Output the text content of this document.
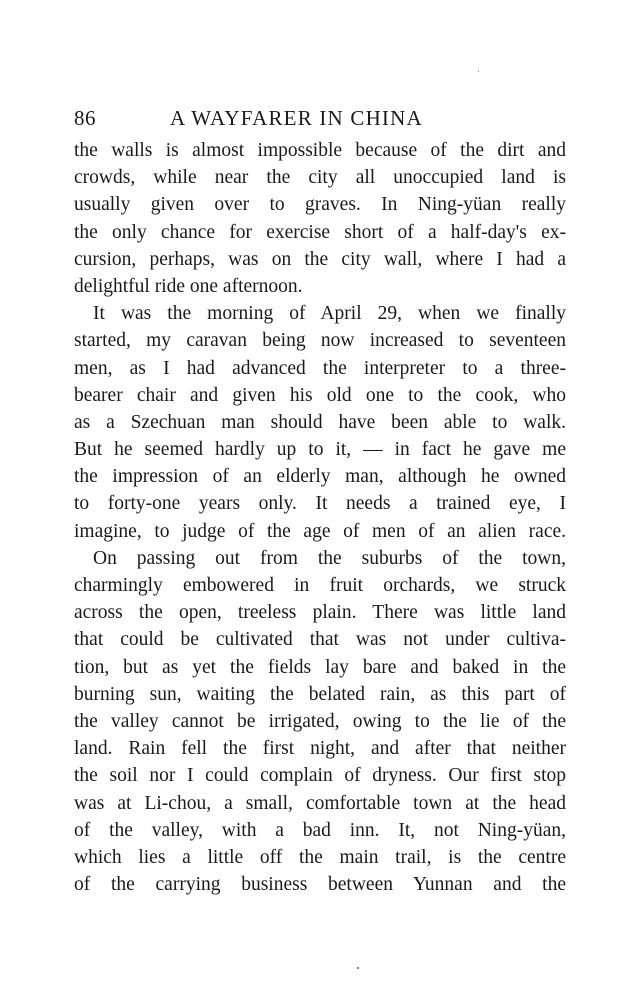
86	A WAYFARER IN CHINA
the walls is almost impossible because of the dirt and
crowds, while near the city all unoccupied land is
usually given over to graves. In Ning-yüan really
the only chance for exercise short of a half-day's ex-
cursion, perhaps, was on the city wall, where I had a
delightful ride one afternoon.
It was the morning of April 29, when we finally
started, my caravan being now increased to seventeen
men, as I had advanced the interpreter to a three-
bearer chair and given his old one to the cook, who
as a Szechuan man should have been able to walk.
But he seemed hardly up to it, — in fact he gave me
the impression of an elderly man, although he owned
to forty-one years only. It needs a trained eye, I
imagine, to judge of the age of men of an alien race.
On passing out from the suburbs of the town,
charmingly embowered in fruit orchards, we struck
across the open, treeless plain. There was little land
that could be cultivated that was not under cultiva-
tion, but as yet the fields lay bare and baked in the
burning sun, waiting the belated rain, as this part of
the valley cannot be irrigated, owing to the lie of the
land. Rain fell the first night, and after that neither
the soil nor I could complain of dryness. Our first stop
was at Li-chou, a small, comfortable town at the head
of the valley, with a bad inn. It, not Ning-yüan,
which lies a little off the main trail, is the centre
of the carrying business between Yunnan and the
